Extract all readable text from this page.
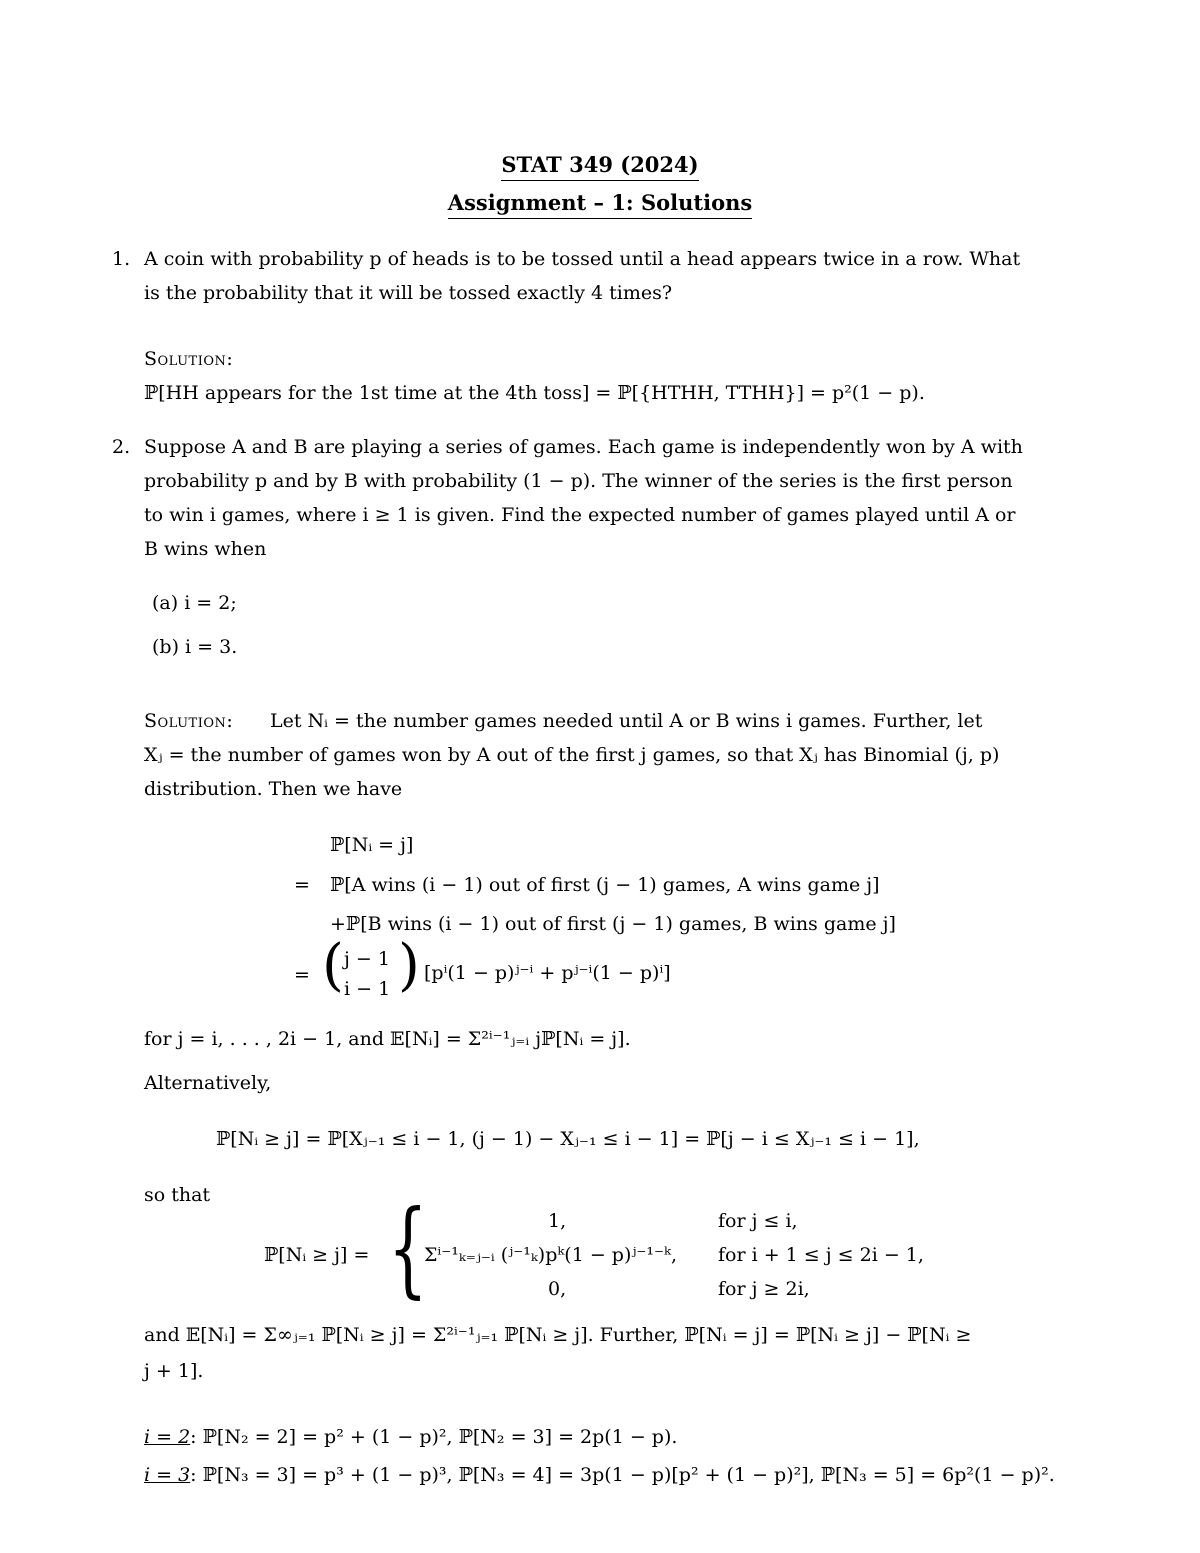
STAT 349 (2024)
Assignment – 1: Solutions
1. A coin with probability p of heads is to be tossed until a head appears twice in a row. What
is the probability that it will be tossed exactly 4 times?
Solution:
ℙ[HH appears for the 1st time at the 4th toss] = ℙ[{HTHH, TTHH}] = p²(1 − p).
2. Suppose A and B are playing a series of games. Each game is independently won by A with
probability p and by B with probability (1 − p). The winner of the series is the first person
to win i games, where i ≥ 1 is given. Find the expected number of games played until A or
B wins when
(a) i = 2;
(b) i = 3.
Solution: Let Nᵢ = the number games needed until A or B wins i games. Further, let
Xⱼ = the number of games won by A out of the first j games, so that Xⱼ has Binomial (j, p)
distribution. Then we have
ℙ[Nᵢ = j]
= ℙ[A wins (i − 1) out of first (j − 1) games, A wins game j]
+ℙ[B wins (i − 1) out of first (j − 1) games, B wins game j]
= ( j − 1
i − 1 ) [pⁱ(1 − p)ʲ⁻ⁱ + pʲ⁻ⁱ(1 − p)ⁱ]
for j = i, . . . , 2i − 1, and 𝔼[Nᵢ] = Σ²ⁱ⁻¹ⱼ₌ᵢ jℙ[Nᵢ = j].
Alternatively,
ℙ[Nᵢ ≥ j] = ℙ[Xⱼ₋₁ ≤ i − 1, (j − 1) − Xⱼ₋₁ ≤ i − 1] = ℙ[j − i ≤ Xⱼ₋₁ ≤ i − 1],
so that
ℙ[Nᵢ ≥ j] = {	1,	for j ≤ i,
Σⁱ⁻¹ₖ₌ⱼ₋ᵢ (ʲ⁻¹ₖ)pᵏ(1 − p)ʲ⁻¹⁻ᵏ, for i + 1 ≤ j ≤ 2i − 1,
0,	for j ≥ 2i,
and 𝔼[Nᵢ] = Σ∞ⱼ₌₁ ℙ[Nᵢ ≥ j] = Σ²ⁱ⁻¹ⱼ₌₁ ℙ[Nᵢ ≥ j]. Further, ℙ[Nᵢ = j] = ℙ[Nᵢ ≥ j] − ℙ[Nᵢ ≥
j + 1].
i = 2: ℙ[N₂ = 2] = p² + (1 − p)², ℙ[N₂ = 3] = 2p(1 − p).
i = 3: ℙ[N₃ = 3] = p³ + (1 − p)³, ℙ[N₃ = 4] = 3p(1 − p)[p² + (1 − p)²], ℙ[N₃ = 5] = 6p²(1 − p)².
